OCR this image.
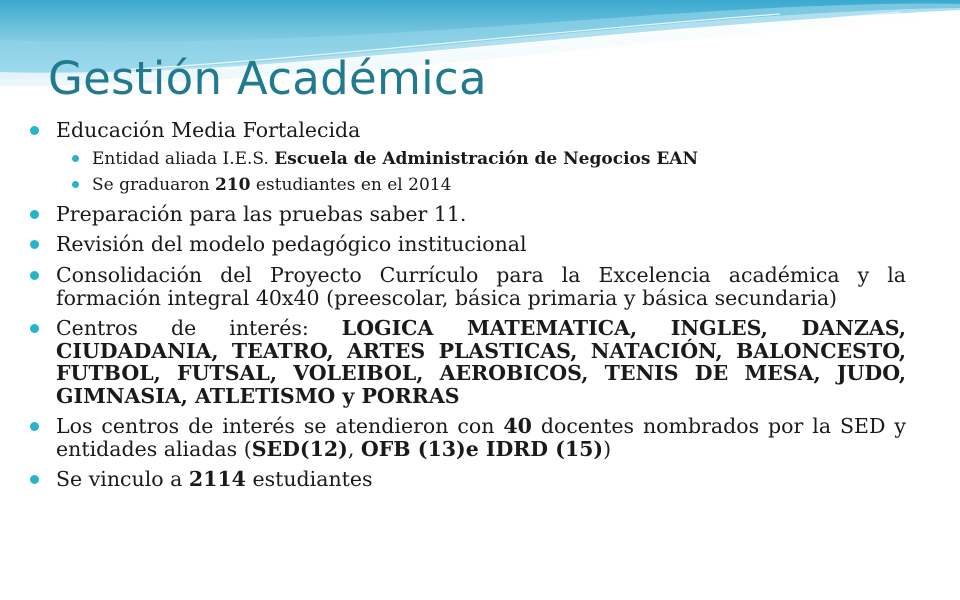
Gestión Académica
Educación Media Fortalecida
Entidad aliada I.E.S. Escuela de Administración de Negocios EAN
Se graduaron 210 estudiantes en el 2014
Preparación para las pruebas saber 11.
Revisión del modelo pedagógico institucional
Consolidación del Proyecto Currículo para la Excelencia académica y la formación integral 40x40 (preescolar, básica primaria y básica secundaria)
Centros de interés: LOGICA MATEMATICA, INGLES, DANZAS, CIUDADANIA, TEATRO, ARTES PLASTICAS, NATACIÓN, BALONCESTO, FUTBOL, FUTSAL, VOLEIBOL, AEROBICOS, TENIS DE MESA, JUDO, GIMNASIA, ATLETISMO y PORRAS
Los centros de interés se atendieron con 40 docentes nombrados por la SED y entidades aliadas (SED(12), OFB (13)e IDRD (15))
Se vinculo a 2114 estudiantes
